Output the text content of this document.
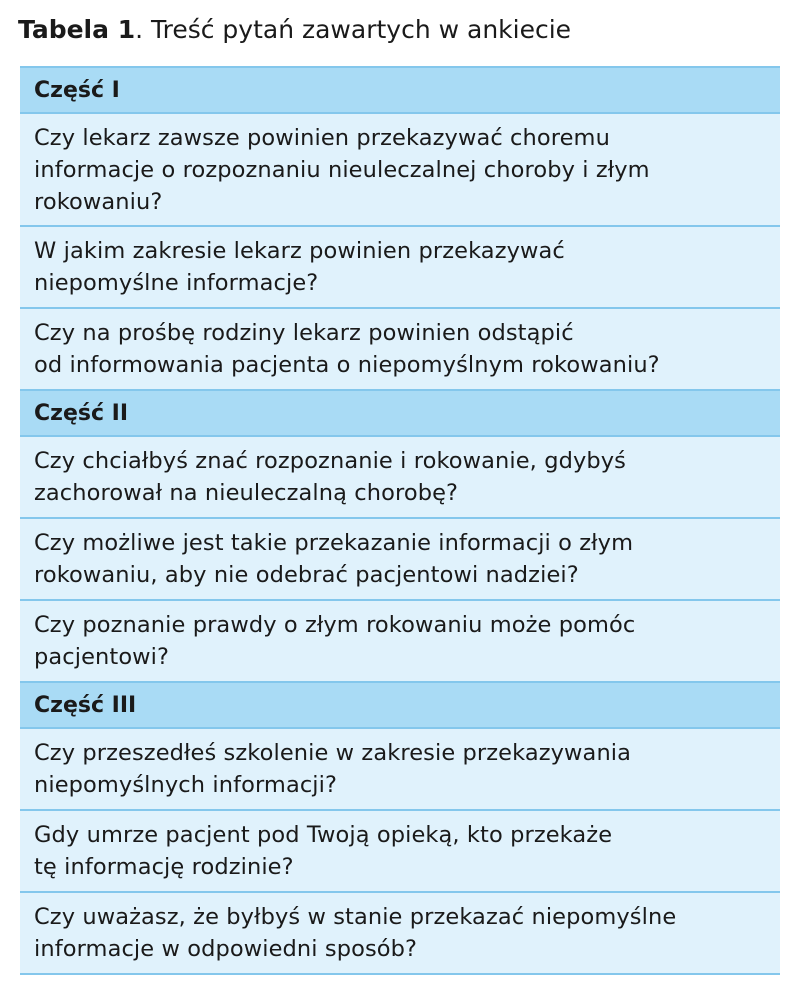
Tabela 1. Treść pytań zawartych w ankiecie
Część I
Czy lekarz zawsze powinien przekazywać choremu
informacje o rozpoznaniu nieuleczalnej choroby i złym
rokowaniu?
W jakim zakresie lekarz powinien przekazywać
niepomyślne informacje?
Czy na prośbę rodziny lekarz powinien odstąpić
od informowania pacjenta o niepomyślnym rokowaniu?
Część II
Czy chciałbyś znać rozpoznanie i rokowanie, gdybyś
zachorował na nieuleczalną chorobę?
Czy możliwe jest takie przekazanie informacji o złym
rokowaniu, aby nie odebrać pacjentowi nadziei?
Czy poznanie prawdy o złym rokowaniu może pomóc
pacjentowi?
Część III
Czy przeszedłeś szkolenie w zakresie przekazywania
niepomyślnych informacji?
Gdy umrze pacjent pod Twoją opieką, kto przekaże
tę informację rodzinie?
Czy uważasz, że byłbyś w stanie przekazać niepomyślne
informacje w odpowiedni sposób?
